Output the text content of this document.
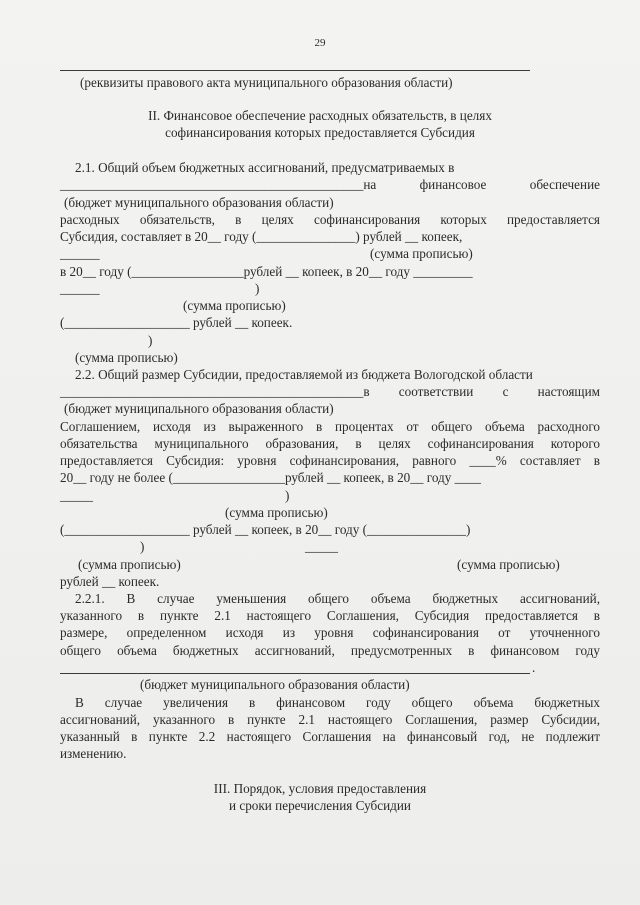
29
(реквизиты правового акта муниципального образования области)
II. Финансовое обеспечение расходных обязательств, в целях
софинансирования которых предоставляется Субсидия
2.1. Общий объем бюджетных ассигнований, предусматриваемых в
______________________________________________на финансовое обеспечение
(бюджет муниципального образования области)
расходных обязательств, в целях софинансирования которых предоставляется
Субсидия, составляет в 20__ году (_______________) рублей __ копеек,
______	(сумма прописью)
в 20__ году (_________________рублей __ копеек, в 20__ году _________
______	)
(сумма прописью)
(___________________ рублей __ копеек.
)
(сумма прописью)
2.2. Общий размер Субсидии, предоставляемой из бюджета Вологодской области
______________________________________________в соответствии с настоящим
(бюджет муниципального образования области)
Соглашением, исходя из выраженного в процентах от общего объема расходного
обязательства муниципального образования, в целях софинансирования которого
предоставляется Субсидия: уровня софинансирования, равного ____% составляет в
20__ году не более (_________________рублей __ копеек, в 20__ году ____
_____	)
(сумма прописью)
(___________________ рублей __ копеек, в 20__ году (_______________)
)	_____
(сумма прописью)	(сумма прописью)
рублей __ копеек.
2.2.1. В случае уменьшения общего объема бюджетных ассигнований,
указанного в пункте 2.1 настоящего Соглашения, Субсидия предоставляется в
размере, определенном исходя из уровня софинансирования от уточненного
общего объема бюджетных ассигнований, предусмотренных в финансовом году
.
(бюджет муниципального образования области)
В случае увеличения в финансовом году общего объема бюджетных
ассигнований, указанного в пункте 2.1 настоящего Соглашения, размер Субсидии,
указанный в пункте 2.2 настоящего Соглашения на финансовый год, не подлежит
изменению.
III. Порядок, условия предоставления
и сроки перечисления Субсидии
